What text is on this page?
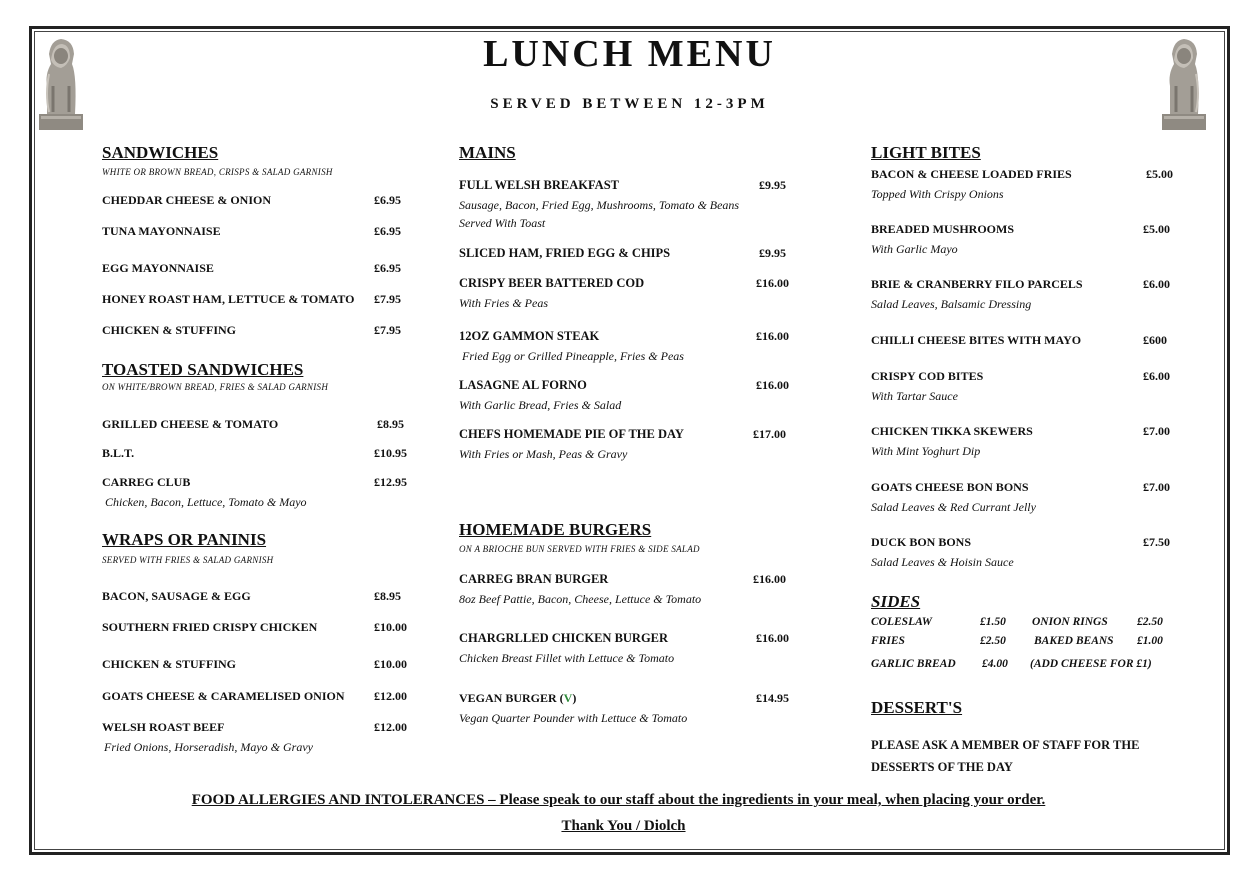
LUNCH MENU
SERVED BETWEEN 12-3PM
SANDWICHES
WHITE OR BROWN BREAD, CRISPS & SALAD GARNISH
CHEDDAR CHEESE & ONION	£6.95
TUNA MAYONNAISE	£6.95
EGG MAYONNAISE	£6.95
HONEY ROAST HAM, LETTUCE & TOMATO	£7.95
CHICKEN & STUFFING	£7.95
TOASTED SANDWICHES
ON WHITE/BROWN BREAD, FRIES & SALAD GARNISH
GRILLED CHEESE & TOMATO	£8.95
B.L.T.	£10.95
CARREG CLUB	£12.95
Chicken, Bacon, Lettuce, Tomato & Mayo
WRAPS OR PANINIS
SERVED WITH FRIES & SALAD GARNISH
BACON, SAUSAGE & EGG	£8.95
SOUTHERN FRIED CRISPY CHICKEN	£10.00
CHICKEN & STUFFING	£10.00
GOATS CHEESE & CARAMELISED ONION	£12.00
WELSH ROAST BEEF	£12.00
Fried Onions, Horseradish, Mayo & Gravy
MAINS
FULL WELSH BREAKFAST	£9.95
Sausage, Bacon, Fried Egg, Mushrooms, Tomato & Beans Served With Toast
SLICED HAM, FRIED EGG & CHIPS	£9.95
CRISPY BEER BATTERED COD	£16.00
With Fries & Peas
12OZ GAMMON STEAK	£16.00
Fried Egg or Grilled Pineapple, Fries & Peas
LASAGNE AL FORNO	£16.00
With Garlic Bread, Fries & Salad
CHEFS HOMEMADE PIE OF THE DAY	£17.00
With Fries or Mash, Peas & Gravy
HOMEMADE BURGERS
ON A BRIOCHE BUN SERVED WITH FRIES & SIDE SALAD
CARREG BRAN BURGER	£16.00
8oz Beef Pattie, Bacon, Cheese, Lettuce & Tomato
CHARGRLLED CHICKEN BURGER	£16.00
Chicken Breast Fillet with Lettuce & Tomato
VEGAN BURGER (V)	£14.95
Vegan Quarter Pounder with Lettuce & Tomato
LIGHT BITES
BACON & CHEESE LOADED FRIES	£5.00
Topped With Crispy Onions
BREADED MUSHROOMS	£5.00
With Garlic Mayo
BRIE & CRANBERRY FILO PARCELS	£6.00
Salad Leaves, Balsamic Dressing
CHILLI CHEESE BITES WITH MAYO	£600
CRISPY COD BITES	£6.00
With Tartar Sauce
CHICKEN TIKKA SKEWERS	£7.00
With Mint Yoghurt Dip
GOATS CHEESE BON BONS	£7.00
Salad Leaves & Red Currant Jelly
DUCK BON BONS	£7.50
Salad Leaves & Hoisin Sauce
SIDES
COLESLAW	£1.50 ONION RINGS	£2.50
FRIES	£2.50 BAKED BEANS £1.00
GARLIC BREAD £4.00 (ADD CHEESE FOR £1)
DESSERT'S
PLEASE ASK A MEMBER OF STAFF FOR THE DESSERTS OF THE DAY
FOOD ALLERGIES AND INTOLERANCES – Please speak to our staff about the ingredients in your meal, when placing your order.
Thank You / Diolch
